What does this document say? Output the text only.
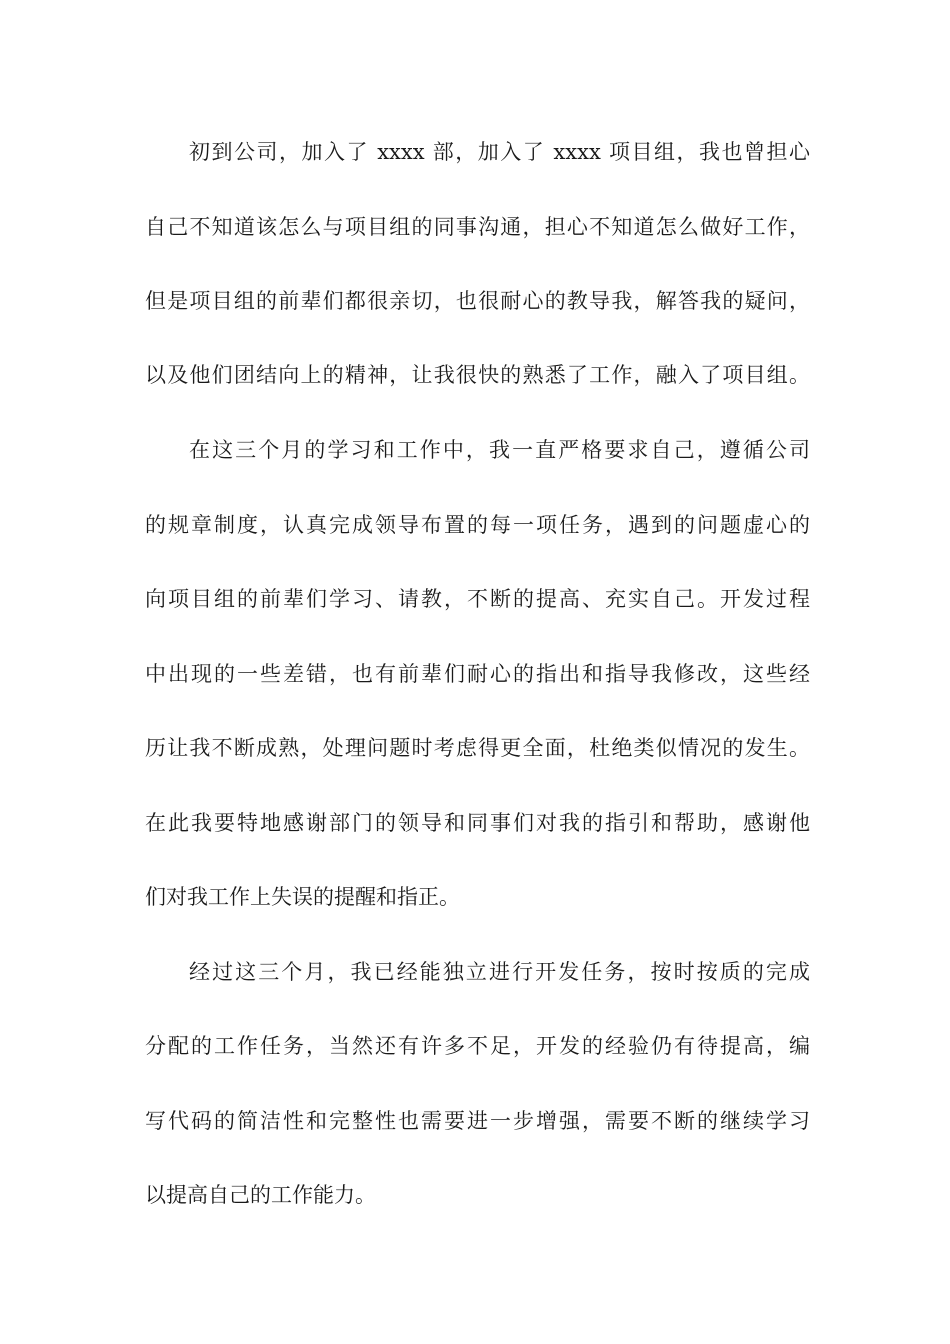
初到公司，加入了 xxxx 部，加入了 xxxx 项目组，我也曾担心
自己不知道该怎么与项目组的同事沟通，担心不知道怎么做好工作，
但是项目组的前辈们都很亲切，也很耐心的教导我，解答我的疑问，
以及他们团结向上的精神，让我很快的熟悉了工作，融入了项目组。
在这三个月的学习和工作中，我一直严格要求自己，遵循公司
的规章制度，认真完成领导布置的每一项任务，遇到的问题虚心的
向项目组的前辈们学习、请教，不断的提高、充实自己。开发过程
中出现的一些差错，也有前辈们耐心的指出和指导我修改，这些经
历让我不断成熟，处理问题时考虑得更全面，杜绝类似情况的发生。
在此我要特地感谢部门的领导和同事们对我的指引和帮助，感谢他
们对我工作上失误的提醒和指正。
经过这三个月，我已经能独立进行开发任务，按时按质的完成
分配的工作任务，当然还有许多不足，开发的经验仍有待提高，编
写代码的简洁性和完整性也需要进一步增强，需要不断的继续学习
以提高自己的工作能力。
